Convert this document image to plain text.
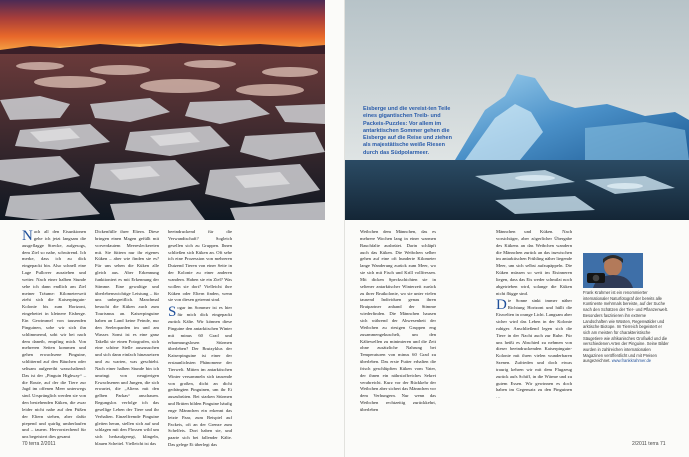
Eisberge und die vereist-ten Teile eines gigantischen Treib- und Packeis-Puzzles: Vor allem im antarktischen Sommer gehen die Eisberge auf die Reise und ziehen als majestätische weiße Riesen durch das Südpolarmeer.

Nach all den Eisunkionen gehe ich jetzt langsam die ausgeflagge Strecke, aufgesogs, dem Ziel so nahe, schwärend. Ich merke, dass ich zu dick eingepackt bin. Also schnell eine Lage Pullover ausziehen und weiter. Nach einer halben Stunde sehe ich dann endlich am Ziel meiner Träume: Kilometerweit zieht sich die Kaiserpinguin-Kolonie bis zum Horizont, eingebettet in kleinere Eisberge. Ein Gewimmel von tausenden Pinguinen, sobe wir sich ihn schlimmernd, sobt wir bei nach dem daneib, empfing mich. Von mehreren Seiten kommen und gehen erwachsene Pinguine, schlitternd auf den Bäuchen oder seltsam aufgereiht wasschaltend: Das ist der „Pinguin Highway“ – die Route, auf der die Tiere zur Jagd im offenen Meer unterwegs sind. Ursprünglich werden sie von den bestehenden Küken, die zwar leider nicht nahe auf den Füßen der Eltern stehen, aber dafür piepend und quirlig umherlaufen und – tauern. Hervorstechend für uns begeistert dies gesamt

Dickenfülle ihrer Eltern. Diese bringen einen Magen gefüllt mit vorverdautem Meeresleckereien mit. Sie füttern nur ihr eigenes Küken – aber wie finden sie es? Für uns sehen die Küken alle gleich aus. Aber Erkennung funktioniert es mit Erkennung der Stimme. Eine gewaltige und überlebenswichtige Leistung – für uns unbegreiflich. Manchmal besucht die Küken auch zum Tourismus an. Kaiserpinguine haben an Land keine Feinde, nur den Seeleoparden im und am Wasser. Sonst ist es eine ganz Takelkt sie einen Fotografen, sich eine schöne Stelle auszusuchen und sich dann einfach hinzusetzen und zu warten, was geschieht. Nach einer halben Stunde bin ich umringt von neugierigen Erwachsenen und Jungen, die sich erwartet, die „Aliens mit den gelben Parkas“ anschauen. Regungslos verfolge ich das gesellige Leben der Tiere und ihr Verhalten. Einzelfremde Pinguine gleiten heran, stellen sich auf und schlagen mit den Flossen wild um sich herkaufgeregt, klingeln, blauen Scheitel. Vielleicht ist das

beeindruckend für die Verwandtschaft? Sogleich gesellen sich zu Gruppen. Ihnen schließen sich Küken an. Oft sehe ich eine Prozession von mehreren Dutzend Tieren von einer Seite in der Kolonie zu einer anderen wandern. Haben sie ein Ziel? Was wollen sie dort? Vielleicht ihre Küken oder Eltern finden, wenn sie von diesen getrennt sind.

Sogar im Sommer ist es hier für mich dick eingepackt zurück Kälte. Wir können diese Pinguine den antarktischen Winter mit minus 60 Grad und erbarmungslosen Stürmen überleben? Der Brutzyklus der Kaiserpinguine ist einer der erstaunlichsten Phänomene der Tierwelt. Mitten im antarktischen Winter versammeln sich tausende von großen, dicht an dicht gedrängten Pinguinen, um ihr Ei auszubrüten. Bei starken Stürmen und Brüten bilden Pinguine häufig enge Männchen ein erkennt das letzte Paar, zum Beispiel auf Packeis, oft an der Grenze zum Schelfeis. Dort haben sie, und paarte sich bei fallender Kälte. Das gelege Ei überlegt das

Weibchen dem Männchen, das es mehrere Wochen lang in einer warmen Bauchfalte ausbrütet. Darin schläpft auch das Küken. Die Weibchen selber gehen auf eine oft hunderte Kilometer lange Wanderung zurück zum Meer, wo sie sich mit Fisch und Krill vollfressen. Mit dicken Speckschichten sie in seltener antarktischer Winterzeit zurück zu ihrer Brutkolonie, wo sie unter vielen tausend Individuen genau ihren Brutpartner anhand der Stimme wiederfinden. Die Männchen hausen sich während der Abwesenheit der Weibchen zu riesigen Gruppen eng zusammengekuschelt, um den Kältewellen zu minimieren und die Zeit ohne zusätzliche Nahrung bei Temperaturen von minus 60 Grad zu überleben. Das erste Futter erhalten die frisch geschlüpften Küken vom Vater, der ihnen ein nährstoffreiches Sekret verabreicht. Kurz vor der Rückkehr der Weibchen aber sichert das Männchen vor dem Verhungern. Nur wenn das Weibchen rechtzeitig zurückkehrt, überleben

Männchen und Küken. Nach vorsichtiger, aber zögerlicher Übergabe des Kükens an das Weibchen wandern die Männchen zurück an das inzwischen im antarktischen Frühling näher liegende Meer, um sich selbst aufzupäppeln. Die Küken müssen so weit im Eisinneren liegen, dass das Eis weder schmilzt noch abgetrieben wird, solange die Küken nicht flügge sind.

Die Sonne sinkt immer näher Richtung Horizont und hüllt die Eiswelten in orange Licht. Langsam aber sicher wird das Leben in der Kolonie ruhiger. Anschließend legen sich die Tiere in der Nacht auch zur Ruhe. Für uns heißt es Abschied zu nehmen von dieser beeindruckenden Kaiserpinguin-Kolonie mit ihren vielen wunderbaren Szenen. Zufrieden und doch etwas traurig kehren wir mit dem Flugzeug zurück aufs Schiff, in die Wärme und zu gutem Essen. Wir gewinnen es doch haben im Gegensatz zu den Pinguinen …

Frank Krahmer ist ein renommierter internationaler Naturfotograf der bereits alle Kontinente mehrmals bereiste, auf der Suche nach den Schätzen der Tier- und Pflanzenwelt. Besonders faszinieren ihn extreme Landschaften wie Wüsten, Regenwälder und arktische Biotope. Im Tierreich begeistert er sich am meisten für charakteristische Säugetiere wie afrikanisches Großwild und die verschiedenen Arten der Pinguine. Seine Bilder wurden in zahlreichen internationalen Magazinen veröffentlicht und mit Preisen ausgezeichnet. www.frankkrahmer.de

70 terra 2/2011	2/2011 terra 71
